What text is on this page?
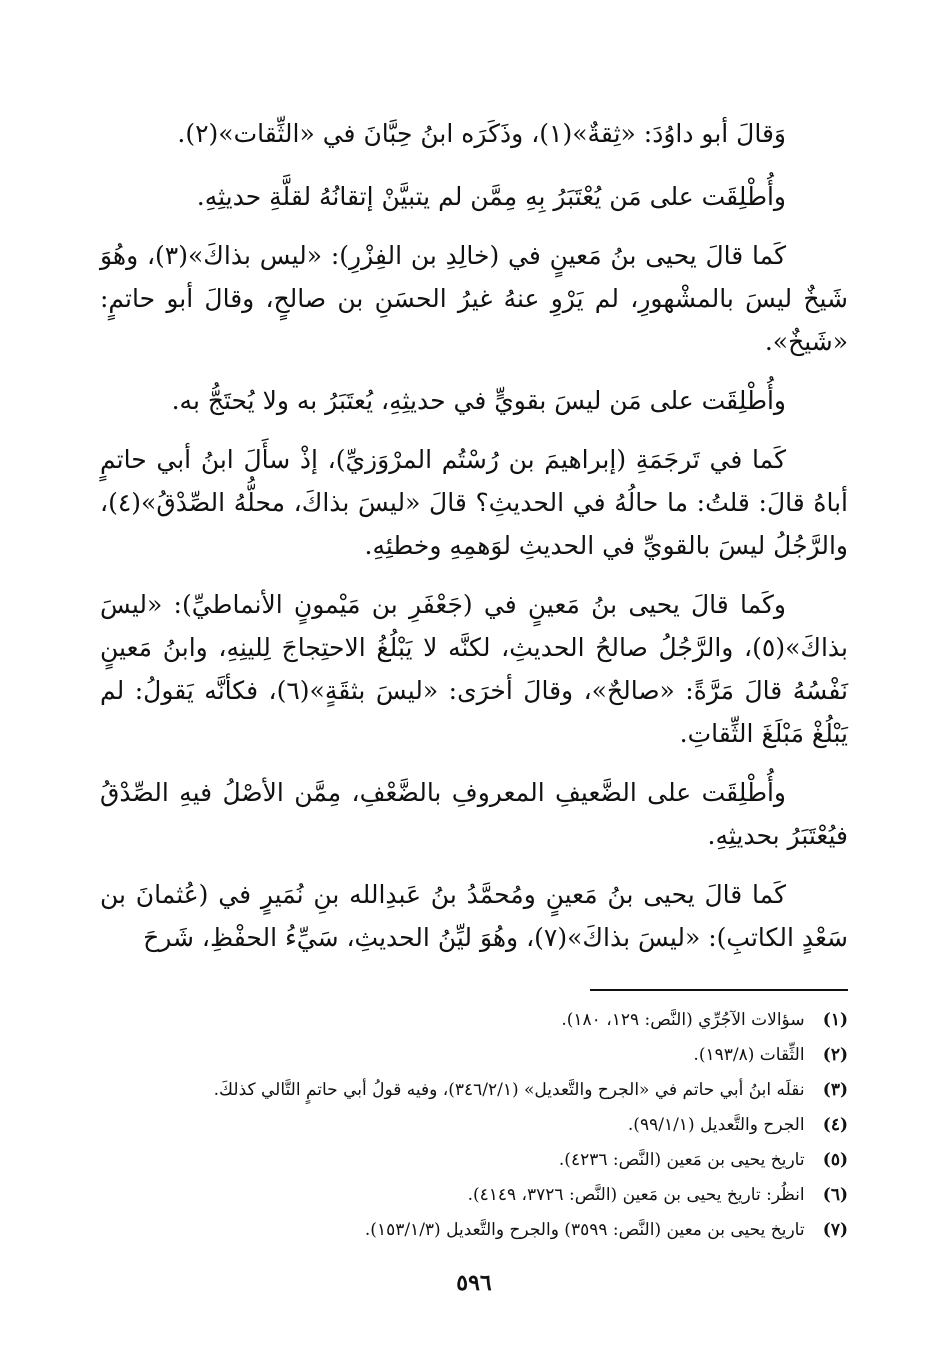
وَقالَ أبو داوُدَ: «ثِقةٌ»(١)، وذَكَرَه ابنُ حِبَّانَ في «الثِّقات»(٢).

وأُطْلِقَت على مَن يُعْتَبَرُ بِهِ مِمَّن لم يتبيَّنْ إتقانُهُ لقلَّةِ حديثِهِ.

كَما قالَ يحيى بنُ مَعينٍ في (خالِدِ بن الفِزْرِ): «ليس بذاكَ»(٣)، وهُوَ شَيخٌ ليسَ بالمشْهورِ، لم يَرْوِ عنهُ غيرُ الحسَنِ بن صالحٍ، وقالَ أبو حاتمٍ: «شَيخٌ».

وأُطْلِقَت على مَن ليسَ بقويٍّ في حديثِهِ، يُعتَبَرُ به ولا يُحتَجُّ به.

كَما في تَرجَمَةِ (إبراهيمَ بن رُسْتُم المرْوَزيِّ)، إذْ سأَلَ ابنُ أبي حاتمٍ أباهُ قالَ: قلتُ: ما حالُهُ في الحديثِ؟ قالَ «ليسَ بذاكَ، محلُّهُ الصِّدْقُ»(٤)، والرَّجُلُ ليسَ بالقويِّ في الحديثِ لوَهمِهِ وخطئِهِ.

وكَما قالَ يحيى بنُ مَعينٍ في (جَعْفَرِ بن مَيْمونٍ الأنماطيِّ): «ليسَ بذاكَ»(٥)، والرَّجُلُ صالحُ الحديثِ، لكنَّه لا يَبْلُغُ الاحتِجاجَ لِلينِهِ، وابنُ مَعينٍ نَفْسُهُ قالَ مَرَّةً: «صالحٌ»، وقالَ أخرَى: «ليسَ بثقَةٍ»(٦)، فكأنَّه يَقولُ: لم يَبْلُغْ مَبْلَغَ الثِّقاتِ.

وأُطْلِقَت على الضَّعيفِ المعروفِ بالضَّعْفِ، مِمَّن الأصْلُ فيهِ الصِّدْقُ فيُعْتَبَرُ بحديثِهِ.

كَما قالَ يحيى بنُ مَعينٍ ومُحمَّدُ بنُ عَبدِالله بنِ نُمَيرٍ في (عُثمانَ بن سَعْدٍ الكاتبِ): «ليسَ بذاكَ»(٧)، وهُوَ ليِّنُ الحديثِ، سَيِّءُ الحفْظِ، شَرحَ

(١) سؤالات الآجُرِّي (النَّص: ١٢٩، ١٨٠).
(٢) الثِّقات (١٩٣/٨).
(٣) نقلَه ابنُ أبي حاتم في «الجرح والتَّعديل» (٣٤٦/٢/١)، وفيه قولُ أبي حاتمٍ التَّالي كذلكَ.
(٤) الجرح والتَّعديل (٩٩/١/١).
(٥) تاريخ يحيى بن مَعين (النَّص: ٤٢٣٦).
(٦) انظُر: تاريخ يحيى بن مَعين (النَّص: ٣٧٢٦، ٤١٤٩).
(٧) تاريخ يحيى بن معين (النَّص: ٣٥٩٩) والجرح والتَّعديل (١٥٣/١/٣).
٥٩٦
